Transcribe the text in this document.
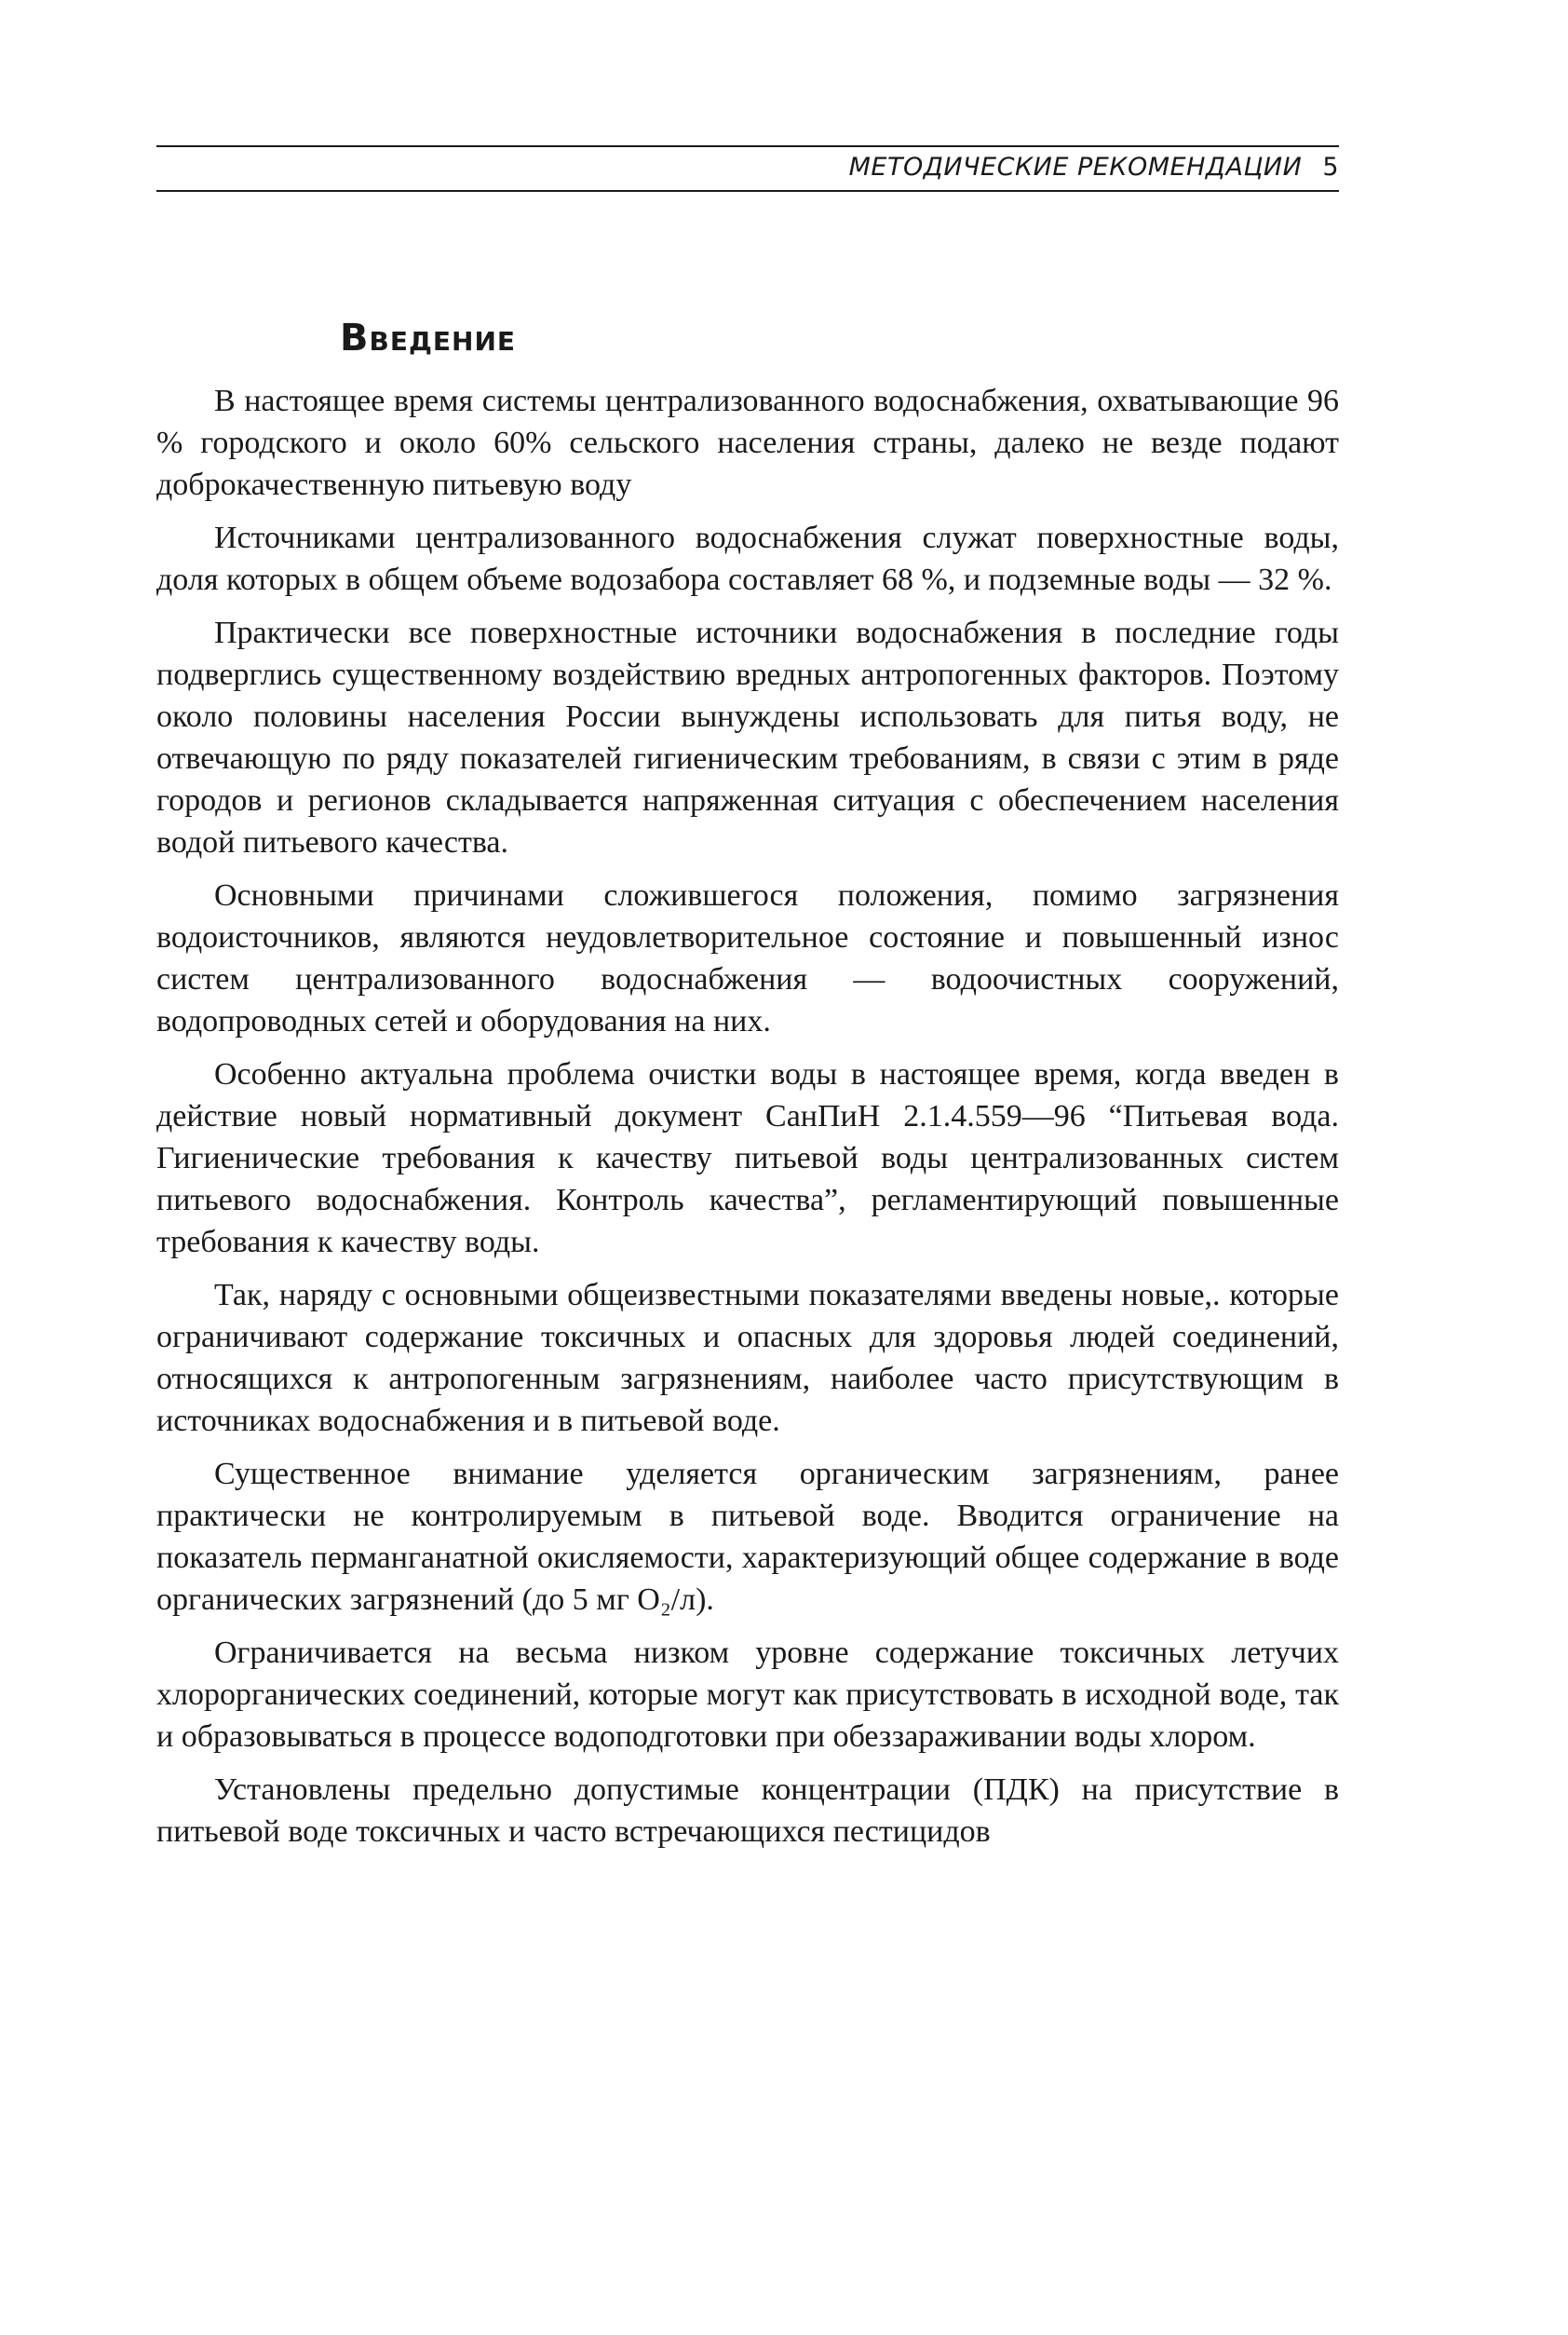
МЕТОДИЧЕСКИЕ РЕКОМЕНДАЦИИ 5
Введение

В настоящее время системы централизованного водоснабжения, охватывающие 96 % городского и около 60% сельского населения страны, далеко не везде подают доброкачественную питьевую воду

Источниками централизованного водоснабжения служат поверхностные воды, доля которых в общем объеме водозабора составляет 68 %, и подземные воды — 32 %.

Практически все поверхностные источники водоснабжения в последние годы подверглись существенному воздействию вредных антропогенных факторов. Поэтому около половины населения России вынуждены использовать для питья воду, не отвечающую по ряду показателей гигиеническим требованиям, в связи с этим в ряде городов и регионов складывается напряженная ситуация с обеспечением населения водой питьевого качества.

Основными причинами сложившегося положения, помимо загрязнения водоисточников, являются неудовлетворительное состояние и повышенный износ систем централизованного водоснабжения — водоочистных сооружений, водопроводных сетей и оборудования на них.

Особенно актуальна проблема очистки воды в настоящее время, когда введен в действие новый нормативный документ СанПиН 2.1.4.559—96 “Питьевая вода. Гигиенические требования к качеству питьевой воды централизованных систем питьевого водоснабжения. Контроль качества”, регламентирующий повышенные требования к качеству воды.

Так, наряду с основными общеизвестными показателями введены новые,. которые ограничивают содержание токсичных и опасных для здоровья людей соединений, относящихся к антропогенным загрязнениям, наиболее часто присутствующим в источниках водоснабжения и в питьевой воде.

Существенное внимание уделяется органическим загрязнениям, ранее практически не контролируемым в питьевой воде. Вводится ограничение на показатель перманганатной окисляемости, характеризующий общее содержание в воде органических загрязнений (до 5 мг O₂/л).

Ограничивается на весьма низком уровне содержание токсичных летучих хлорорганических соединений, которые могут как присутствовать в исходной воде, так и образовываться в процессе водоподготовки при обеззараживании воды хлором.

Установлены предельно допустимые концентрации (ПДК) на присутствие в питьевой воде токсичных и часто встречающихся пестицидов
